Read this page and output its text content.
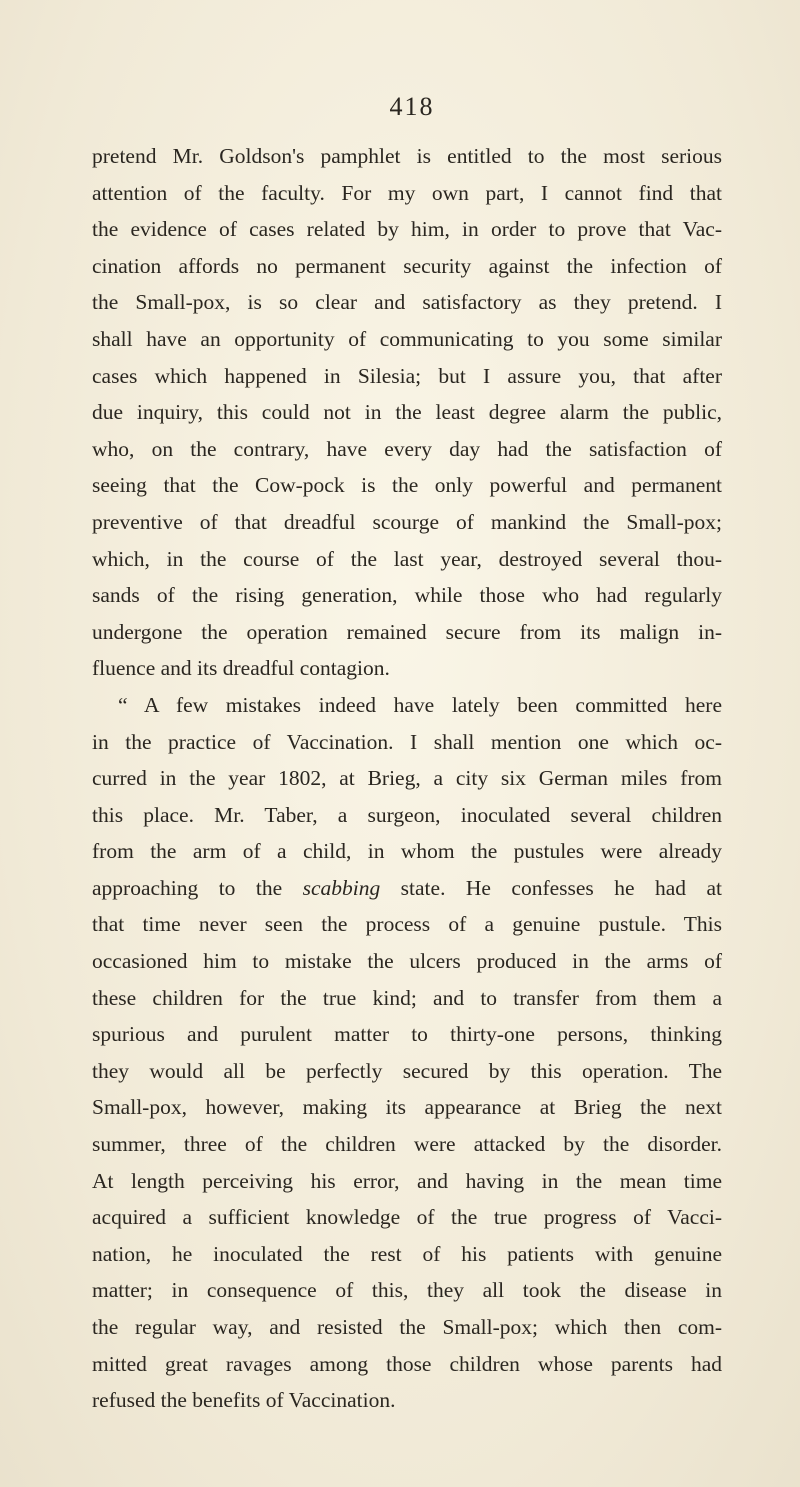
418
pretend Mr. Goldson's pamphlet is entitled to the most serious
attention of the faculty. For my own part, I cannot find that
the evidence of cases related by him, in order to prove that Vac-
cination affords no permanent security against the infection of
the Small-pox, is so clear and satisfactory as they pretend. I
shall have an opportunity of communicating to you some similar
cases which happened in Silesia; but I assure you, that after
due inquiry, this could not in the least degree alarm the public,
who, on the contrary, have every day had the satisfaction of
seeing that the Cow-pock is the only powerful and permanent
preventive of that dreadful scourge of mankind the Small-pox;
which, in the course of the last year, destroyed several thou-
sands of the rising generation, while those who had regularly
undergone the operation remained secure from its malign in-
fluence and its dreadful contagion.
“ A few mistakes indeed have lately been committed here
in the practice of Vaccination. I shall mention one which oc-
curred in the year 1802, at Brieg, a city six German miles from
this place. Mr. Taber, a surgeon, inoculated several children
from the arm of a child, in whom the pustules were already
approaching to the scabbing state. He confesses he had at
that time never seen the process of a genuine pustule. This
occasioned him to mistake the ulcers produced in the arms of
these children for the true kind; and to transfer from them a
spurious and purulent matter to thirty-one persons, thinking
they would all be perfectly secured by this operation. The
Small-pox, however, making its appearance at Brieg the next
summer, three of the children were attacked by the disorder.
At length perceiving his error, and having in the mean time
acquired a sufficient knowledge of the true progress of Vacci-
nation, he inoculated the rest of his patients with genuine
matter; in consequence of this, they all took the disease in
the regular way, and resisted the Small-pox; which then com-
mitted great ravages among those children whose parents had
refused the benefits of Vaccination.
